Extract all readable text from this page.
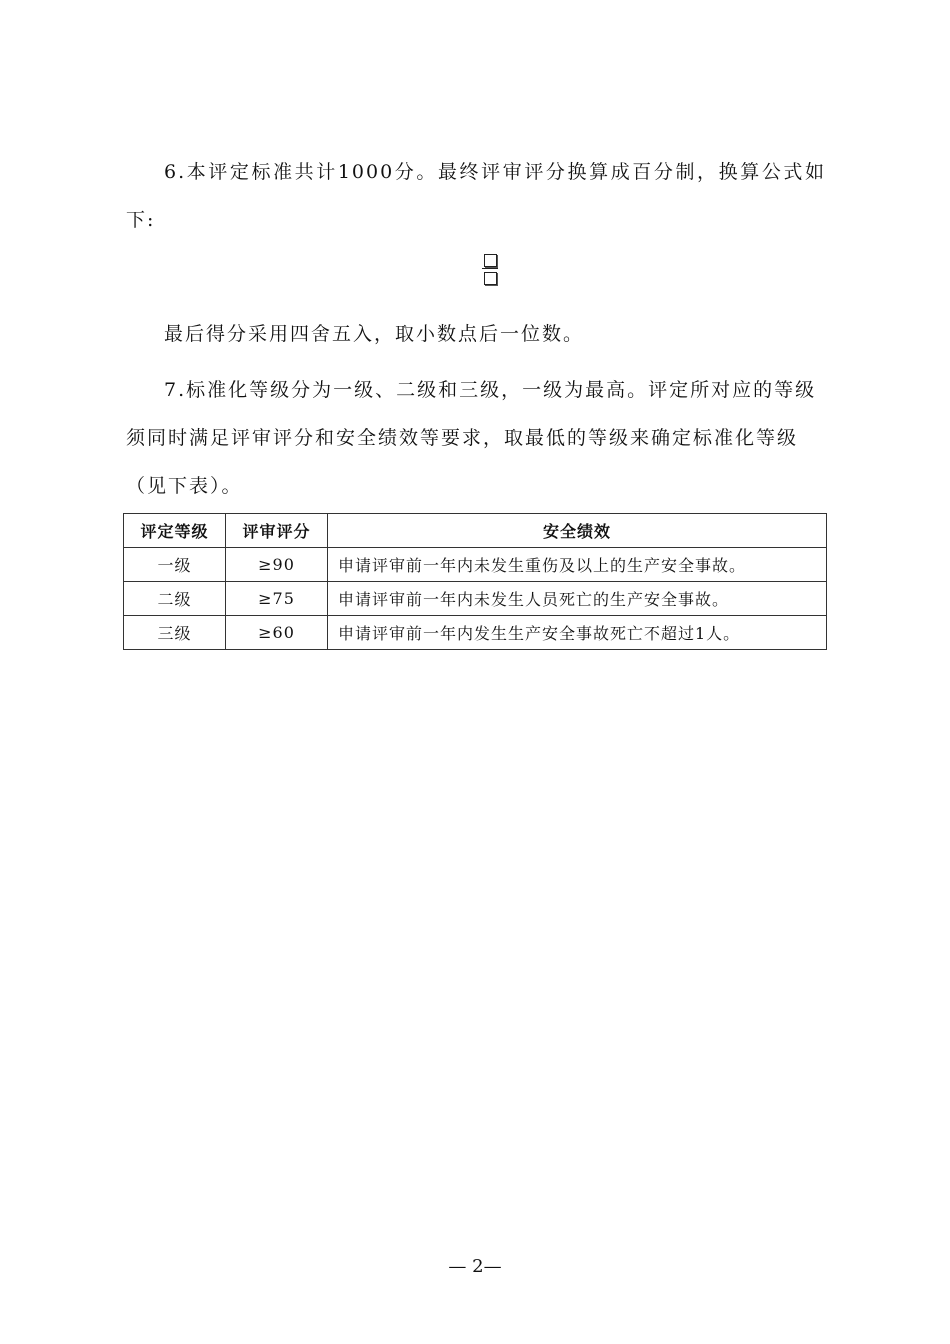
6.本评定标准共计1000分。最终评审评分换算成百分制，换算公式如下:

最后得分采用四舍五入，取小数点后一位数。

7.标准化等级分为一级、二级和三级，一级为最高。评定所对应的等级须同时满足评审评分和安全绩效等要求，取最低的等级来确定标准化等级（见下表）。

评定等级	评审评分	安全绩效
一级	≥90	申请评审前一年内未发生重伤及以上的生产安全事故。
二级	≥75	申请评审前一年内未发生人员死亡的生产安全事故。
三级	≥60	申请评审前一年内发生生产安全事故死亡不超过1人。
— 2—
